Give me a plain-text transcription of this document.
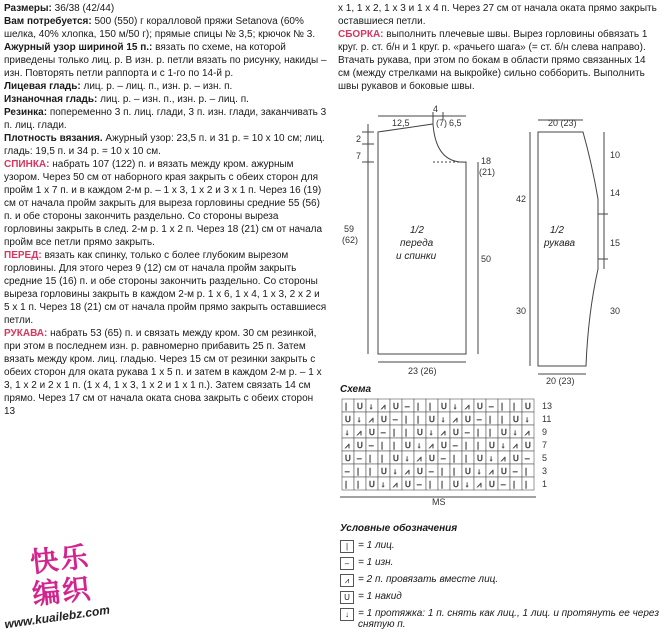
Размеры: 36/38 (42/44)

Вам потребуется: 500 (550) г коралловой пряжи Setanova (60% шелка, 40% хлопка, 150 м/50 г); прямые спицы № 3,5; крючок № 3.

Ажурный узор шириной 15 п.: вязать по схеме, на которой приведены только лиц. р. В изн. р. петли вязать по рисунку, накиды – изн. Повторять петли раппорта и с 1-го по 14-й р.

Лицевая гладь: лиц. р. – лиц. п., изн. р. – изн. п.

Изнаночная гладь: лиц. р. – изн. п., изн. р. – лиц. п.

Резинка: попеременно 3 п. лиц. глади, 3 п. изн. глади, заканчивать 3 п. лиц. глади.

Плотность вязания. Ажурный узор: 23,5 п. и 31 р. = 10 х 10 см; лиц. гладь: 19,5 п. и 34 р. = 10 х 10 см.

СПИНКА: набрать 107 (122) п. и вязать между кром. ажурным узором. Через 50 см от наборного края закрыть с обеих сторон для пройм 1 х 7 п. и в каждом 2-м р. – 1 х 3, 1 х 2 и 3 х 1 п. Через 16 (19) см от начала пройм закрыть для выреза горловины средние 55 (56) п. и обе стороны закончить раздельно. Со стороны выреза горловины закрыть в след. 2-м р. 1 х 2 п. Через 18 (21) см от начала пройм все петли прямо закрыть.

ПЕРЕД: вязать как спинку, только с более глубоким вырезом горловины. Для этого через 9 (12) см от начала пройм закрыть средние 15 (16) п. и обе стороны закончить раздельно. Со стороны выреза горловины закрыть в каждом 2-м р. 1 х 6, 1 х 4, 1 х 3, 2 х 2 и 5 х 1 п. Через 18 (21) см от начала пройм прямо закрыть оставшиеся петли.

РУКАВА: набрать 53 (65) п. и связать между кром. 30 см резинкой, при этом в последнем изн. р. равномерно прибавить 25 п. Затем вязать между кром. лиц. гладью. Через 15 см от резинки закрыть с обеих сторон для оката рукава 1 х 5 п. и затем в каждом 2-м р. – 1 х 3, 1 х 2 и 2 х 1 п. (1 х 4, 1 х 3, 1 х 2 и 1 х 1 п.). Затем связать 14 см прямо. Через 17 см от начала оката снова закрыть с обеих сторон 13

х 1, 1 х 2, 1 х 3 и 1 х 4 п. Через 27 см от начала оката прямо закрыть оставшиеся петли.

СБОРКА: выполнить плечевые швы. Вырез горловины обвязать 1 круг. р. ст. б/н и 1 круг. р. «рачьего шага» (= ст. б/н слева направо). Втачать рукава, при этом по бокам в области прямо связанных 14 см (между стрелками на выкройке) сильно собборить. Выполнить швы рукавов и боковые швы.

12,5
4
(7) 6,5
2
7
59
(62)
18
(21)
50
1/2
переда
и спинки
23 (26)
20 (23)
10
14
15
42
30	30
1/2
рукава
20 (23)
Схема
| U ↓ ⩘ U – | | U ↓ ⩘ U – | | U
U ↓ ⩘ U – | | U ↓ ⩘ U – | | U ↓
↓ ⩘ U – | | U ↓ ⩘ U – | | U ↓ ⩘
⩘ U – | | U ↓ ⩘ U – | | U ↓ ⩘ U
U – | | U ↓ ⩘ U – | | U ↓ ⩘ U –
– | | U ↓ ⩘ U – | | U ↓ ⩘ U – |
| | U ↓ ⩘ U – | | U ↓ ⩘ U – | |
13
11
9
7
5
3
1
MS
Условные обозначения
| = 1 лиц.
– = 1 изн.
⩘ = 2 п. провязать вместе лиц.
U = 1 накид
↓ = 1 протяжка: 1 п. снять как лиц., 1 лиц. и протянуть ее через снятую п.
快乐
编织
www.kuailebz.com
